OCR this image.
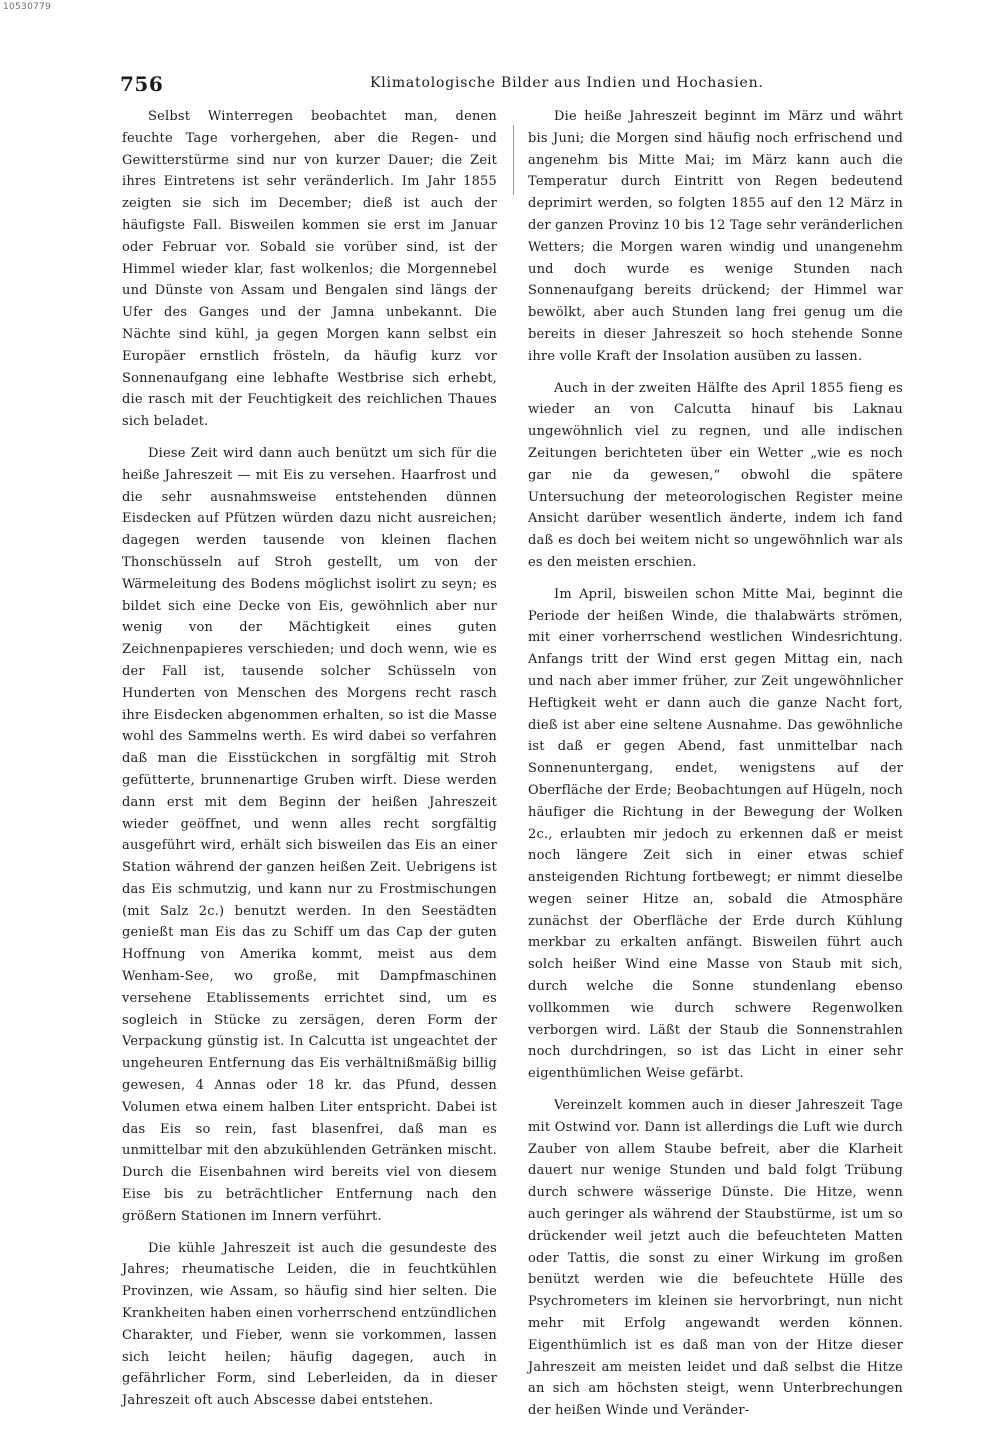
10530779
756	Klimatologische Bilder aus Indien und Hochasien.

Selbst Winterregen beobachtet man, denen feuchte Tage vorhergehen, aber die Regen- und Gewitterstürme sind nur von kurzer Dauer; die Zeit ihres Eintretens ist sehr veränderlich. Im Jahr 1855 zeigten sie sich im December; dieß ist auch der häufigste Fall. Bisweilen kommen sie erst im Januar oder Februar vor. Sobald sie vorüber sind, ist der Himmel wieder klar, fast wolkenlos; die Morgennebel und Dünste von Assam und Bengalen sind längs der Ufer des Ganges und der Jamna unbekannt. Die Nächte sind kühl, ja gegen Morgen kann selbst ein Europäer ernstlich frösteln, da häufig kurz vor Sonnenaufgang eine lebhafte Westbrise sich erhebt, die rasch mit der Feuchtigkeit des reichlichen Thaues sich beladet.

Diese Zeit wird dann auch benützt um sich für die heiße Jahreszeit — mit Eis zu versehen. Haarfrost und die sehr ausnahmsweise entstehenden dünnen Eisdecken auf Pfützen würden dazu nicht ausreichen; dagegen werden tausende von kleinen flachen Thonschüsseln auf Stroh gestellt, um von der Wärmeleitung des Bodens möglichst isolirt zu seyn; es bildet sich eine Decke von Eis, gewöhnlich aber nur wenig von der Mächtigkeit eines guten Zeichnenpapieres verschieden; und doch wenn, wie es der Fall ist, tausende solcher Schüsseln von Hunderten von Menschen des Morgens recht rasch ihre Eisdecken abgenommen erhalten, so ist die Masse wohl des Sammelns werth. Es wird dabei so verfahren daß man die Eisstückchen in sorgfältig mit Stroh gefütterte, brunnenartige Gruben wirft. Diese werden dann erst mit dem Beginn der heißen Jahreszeit wieder geöffnet, und wenn alles recht sorgfältig ausgeführt wird, erhält sich bisweilen das Eis an einer Station während der ganzen heißen Zeit. Uebrigens ist das Eis schmutzig, und kann nur zu Frostmischungen (mit Salz 2c.) benutzt werden. In den Seestädten genießt man Eis das zu Schiff um das Cap der guten Hoffnung von Amerika kommt, meist aus dem Wenham-See, wo große, mit Dampfmaschinen versehene Etablissements errichtet sind, um es sogleich in Stücke zu zersägen, deren Form der Verpackung günstig ist. In Calcutta ist ungeachtet der ungeheuren Entfernung das Eis verhältnißmäßig billig gewesen, 4 Annas oder 18 kr. das Pfund, dessen Volumen etwa einem halben Liter entspricht. Dabei ist das Eis so rein, fast blasenfrei, daß man es unmittelbar mit den abzukühlenden Getränken mischt. Durch die Eisenbahnen wird bereits viel von diesem Eise bis zu beträchtlicher Entfernung nach den größern Stationen im Innern verführt.

Die kühle Jahreszeit ist auch die gesundeste des Jahres; rheumatische Leiden, die in feuchtkühlen Provinzen, wie Assam, so häufig sind hier selten. Die Krankheiten haben einen vorherrschend entzündlichen Charakter, und Fieber, wenn sie vorkommen, lassen sich leicht heilen; häufig dagegen, auch in gefährlicher Form, sind Leberleiden, da in dieser Jahreszeit oft auch Abscesse dabei entstehen.

Die heiße Jahreszeit beginnt im März und währt bis Juni; die Morgen sind häufig noch erfrischend und angenehm bis Mitte Mai; im März kann auch die Temperatur durch Eintritt von Regen bedeutend deprimirt werden, so folgten 1855 auf den 12 März in der ganzen Provinz 10 bis 12 Tage sehr veränderlichen Wetters; die Morgen waren windig und unangenehm und doch wurde es wenige Stunden nach Sonnenaufgang bereits drückend; der Himmel war bewölkt, aber auch Stunden lang frei genug um die bereits in dieser Jahreszeit so hoch stehende Sonne ihre volle Kraft der Insolation ausüben zu lassen.

Auch in der zweiten Hälfte des April 1855 fieng es wieder an von Calcutta hinauf bis Laknau ungewöhnlich viel zu regnen, und alle indischen Zeitungen berichteten über ein Wetter „wie es noch gar nie da gewesen,“ obwohl die spätere Untersuchung der meteorologischen Register meine Ansicht darüber wesentlich änderte, indem ich fand daß es doch bei weitem nicht so ungewöhnlich war als es den meisten erschien.

Im April, bisweilen schon Mitte Mai, beginnt die Periode der heißen Winde, die thalabwärts strömen, mit einer vorherrschend westlichen Windesrichtung. Anfangs tritt der Wind erst gegen Mittag ein, nach und nach aber immer früher, zur Zeit ungewöhnlicher Heftigkeit weht er dann auch die ganze Nacht fort, dieß ist aber eine seltene Ausnahme. Das gewöhnliche ist daß er gegen Abend, fast unmittelbar nach Sonnenuntergang, endet, wenigstens auf der Oberfläche der Erde; Beobachtungen auf Hügeln, noch häufiger die Richtung in der Bewegung der Wolken 2c., erlaubten mir jedoch zu erkennen daß er meist noch längere Zeit sich in einer etwas schief ansteigenden Richtung fortbewegt; er nimmt dieselbe wegen seiner Hitze an, sobald die Atmosphäre zunächst der Oberfläche der Erde durch Kühlung merkbar zu erkalten anfängt. Bisweilen führt auch solch heißer Wind eine Masse von Staub mit sich, durch welche die Sonne stundenlang ebenso vollkommen wie durch schwere Regenwolken verborgen wird. Läßt der Staub die Sonnenstrahlen noch durchdringen, so ist das Licht in einer sehr eigenthümlichen Weise gefärbt.

Vereinzelt kommen auch in dieser Jahreszeit Tage mit Ostwind vor. Dann ist allerdings die Luft wie durch Zauber von allem Staube befreit, aber die Klarheit dauert nur wenige Stunden und bald folgt Trübung durch schwere wässerige Dünste. Die Hitze, wenn auch geringer als während der Staubstürme, ist um so drückender weil jetzt auch die befeuchteten Matten oder Tattis, die sonst zu einer Wirkung im großen benützt werden wie die befeuchtete Hülle des Psychrometers im kleinen sie hervorbringt, nun nicht mehr mit Erfolg angewandt werden können. Eigenthümlich ist es daß man von der Hitze dieser Jahreszeit am meisten leidet und daß selbst die Hitze an sich am höchsten steigt, wenn Unterbrechungen der heißen Winde und Veränder-
